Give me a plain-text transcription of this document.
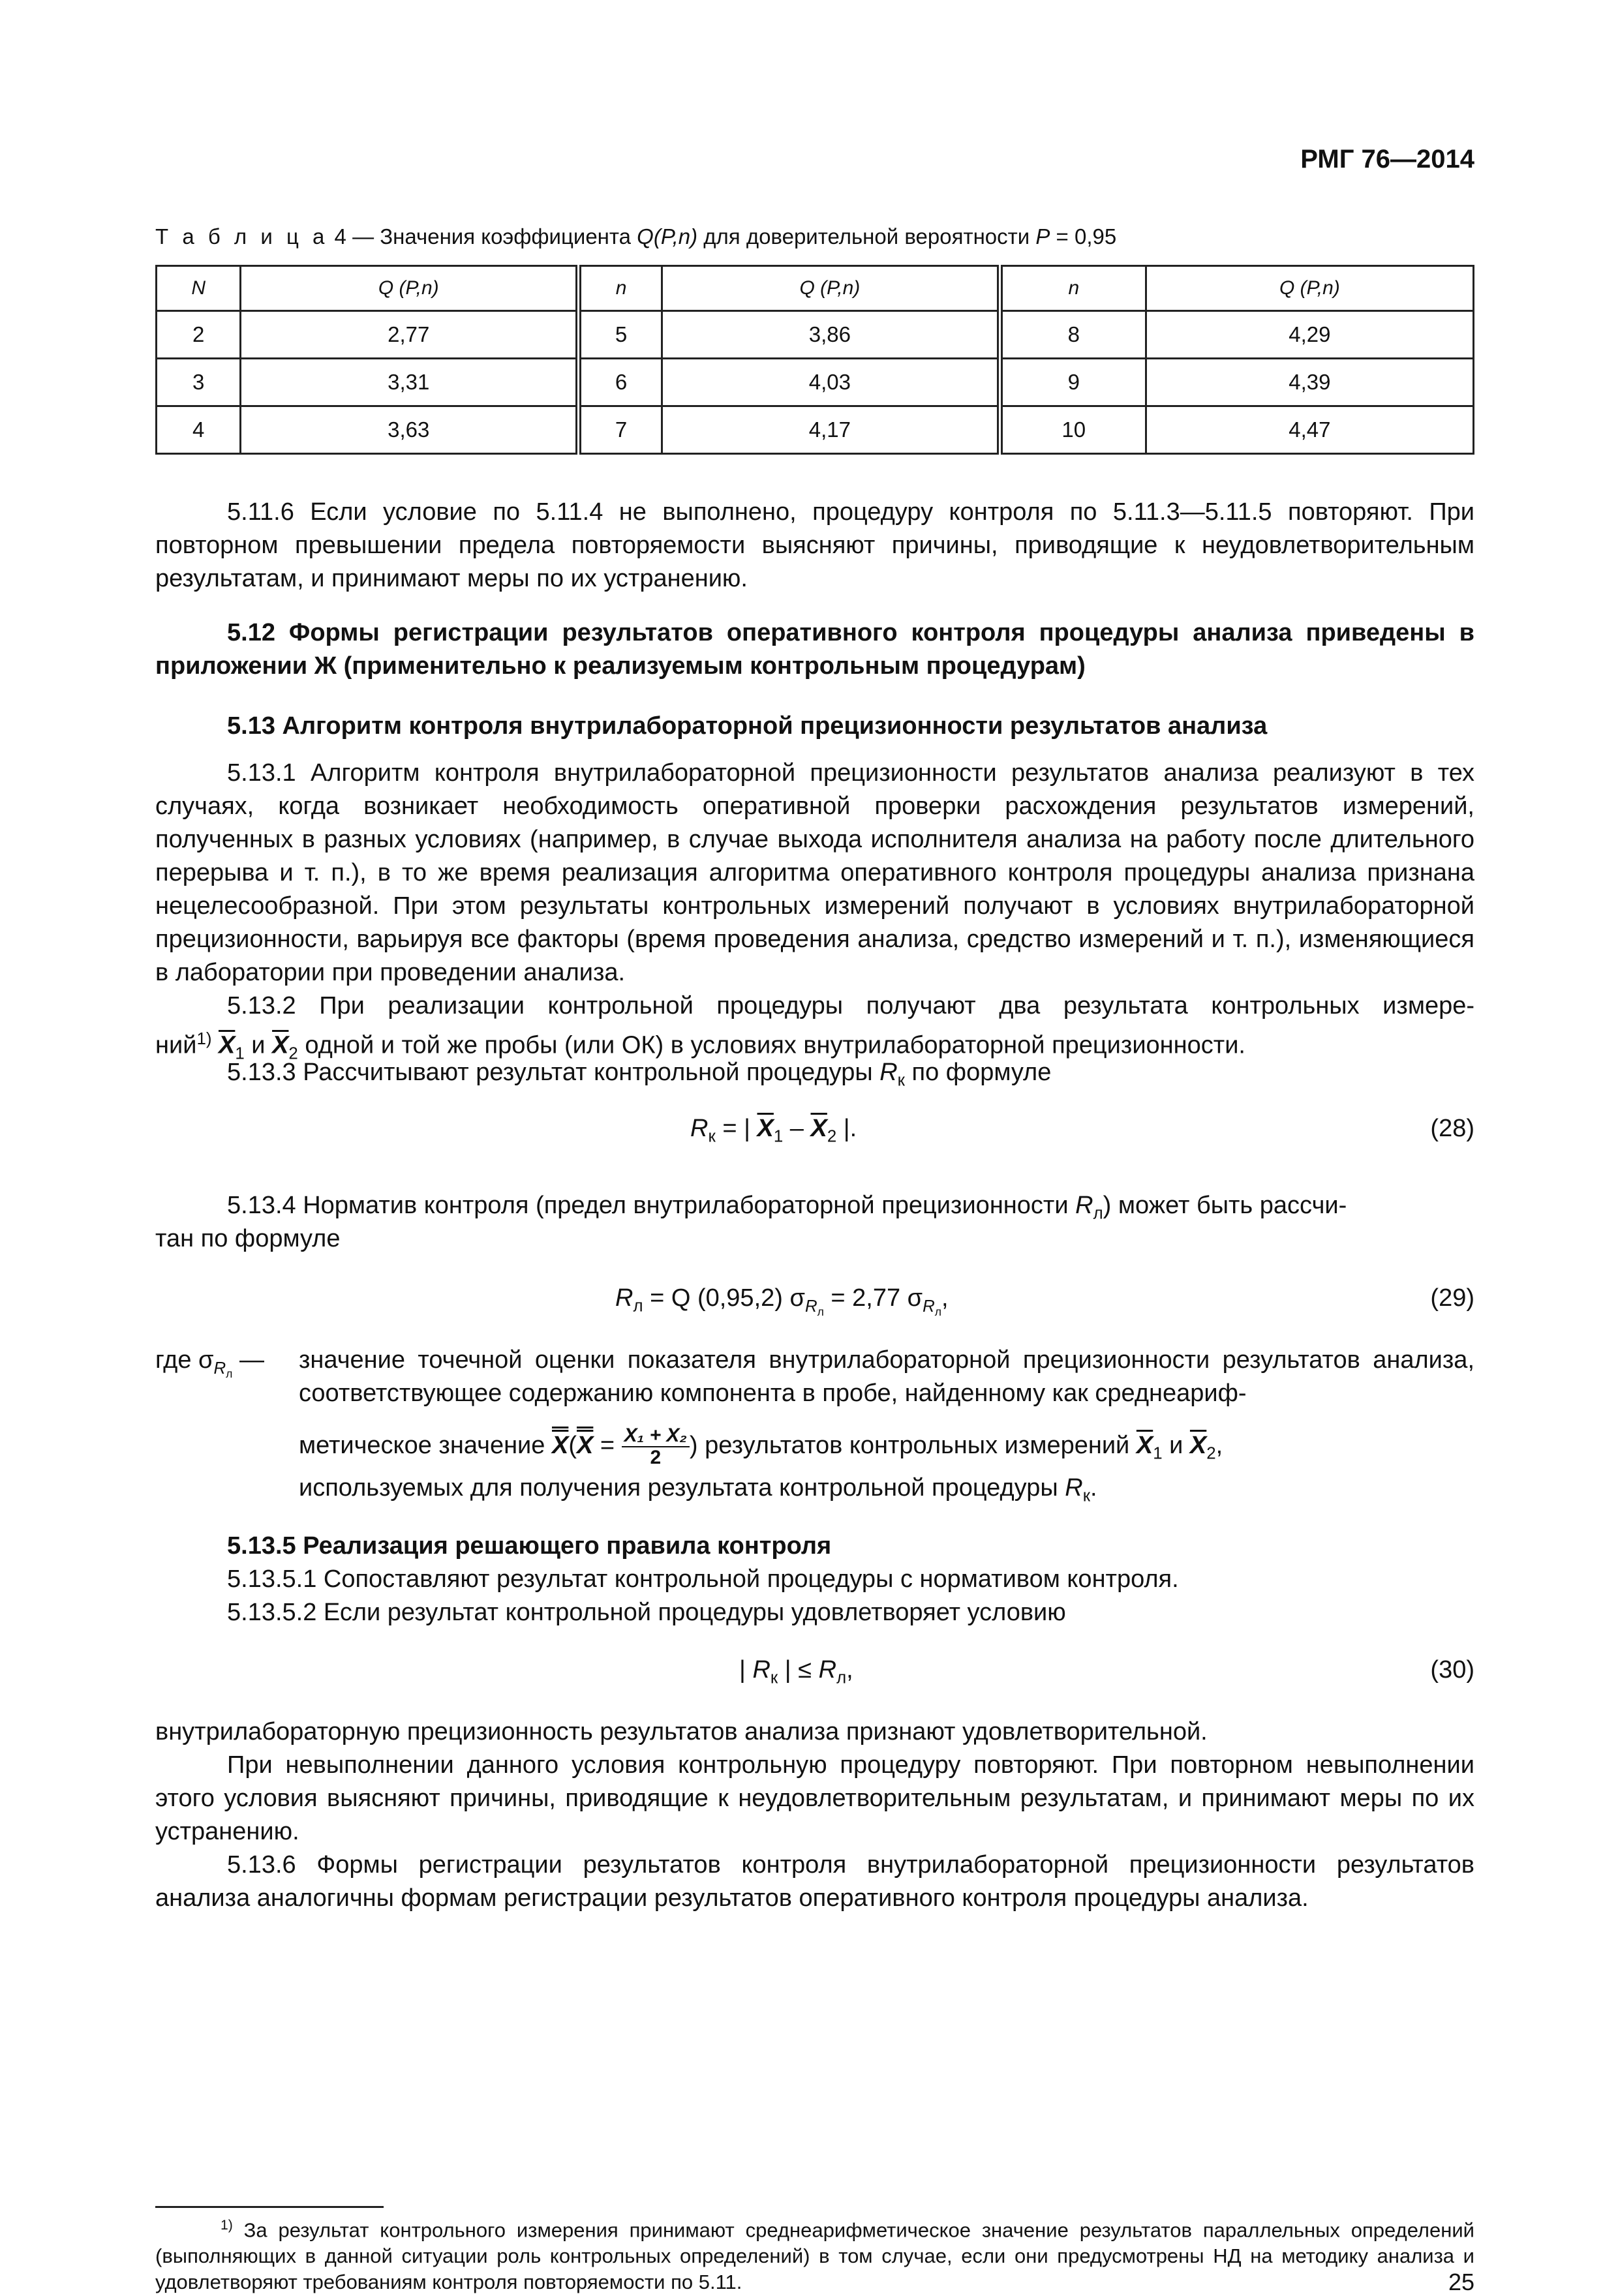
РМГ 76—2014
Т а б л и ц а 4 — Значения коэффициента Q(P,n) для доверительной вероятности P = 0,95
N	Q (P,n)	n	Q (P,n)	n	Q (P,n)
2	2,77	5	3,86	8	4,29
3	3,31	6	4,03	9	4,39
4	3,63	7	4,17	10	4,47
5.11.6 Если условие по 5.11.4 не выполнено, процедуру контроля по 5.11.3—5.11.5 повторяют. При повторном превышении предела повторяемости выясняют причины, приводящие к неудовлетворительным результатам, и принимают меры по их устранению.
5.12 Формы регистрации результатов оперативного контроля процедуры анализа приведены в приложении Ж (применительно к реализуемым контрольным процедурам)
5.13 Алгоритм контроля внутрилабораторной прецизионности результатов анализа
5.13.1 Алгоритм контроля внутрилабораторной прецизионности результатов анализа реализуют в тех случаях, когда возникает необходимость оперативной проверки расхождения результатов измерений, полученных в разных условиях (например, в случае выхода исполнителя анализа на работу после длительного перерыва и т. п.), в то же время реализация алгоритма оперативного контроля процедуры анализа признана нецелесообразной. При этом результаты контрольных измерений получают в условиях внутрилабораторной прецизионности, варьируя все факторы (время проведения анализа, средство измерений и т. п.), изменяющиеся в лаборатории при проведении анализа.
5.13.2 При реализации контрольной процедуры получают два результата контрольных измере-
ний$^{1)}$ $\overline{X}_1$ и $\overline{X}_2$ одной и той же пробы (или ОК) в условиях внутрилабораторной прецизионности.
5.13.3 Рассчитывают результат контрольной процедуры $R_к$ по формуле
$R_к$ = | $\overline{X}_1 - \overline{X}_2$ |.	(28)
5.13.4 Норматив контроля (предел внутрилабораторной прецизионности $R_л$) может быть рассчи-
тан по формуле
$R_л = Q$ (0,95,2) $\sigma_{R_л} = 2,77$ $\sigma_{R_л}$,	(29)
где $\sigma_{R_л}$ — значение точечной оценки показателя внутрилабораторной прецизионности результатов анализа, соответствующее содержанию компонента в пробе, найденному как среднеариф-
метическое значение $X(X = \frac{\text{X₁ + X₂}}{2}$ ) результатов контрольных измерений $\overline{X}_1$ и $\overline{X}_2$,
используемых для получения результата контрольной процедуры $R_к$.
5.13.5 Реализация решающего правила контроля
5.13.5.1 Сопоставляют результат контрольной процедуры с нормативом контроля.
5.13.5.2 Если результат контрольной процедуры удовлетворяет условию
| $R_к$ | ≤ $R_л$,	(30)
внутрилабораторную прецизионность результатов анализа признают удовлетворительной.
При невыполнении данного условия контрольную процедуру повторяют. При повторном невыполнении этого условия выясняют причины, приводящие к неудовлетворительным результатам, и принимают меры по их устранению.
5.13.6 Формы регистрации результатов контроля внутрилабораторной прецизионности результатов анализа аналогичны формам регистрации результатов оперативного контроля процедуры анализа.
$^{1)}$ За результат контрольного измерения принимают среднеарифметическое значение результатов параллельных определений (выполняющих в данной ситуации роль контрольных определений) в том случае, если они предусмотрены НД на методику анализа и удовлетворяют требованиям контроля повторяемости по 5.11.	25
